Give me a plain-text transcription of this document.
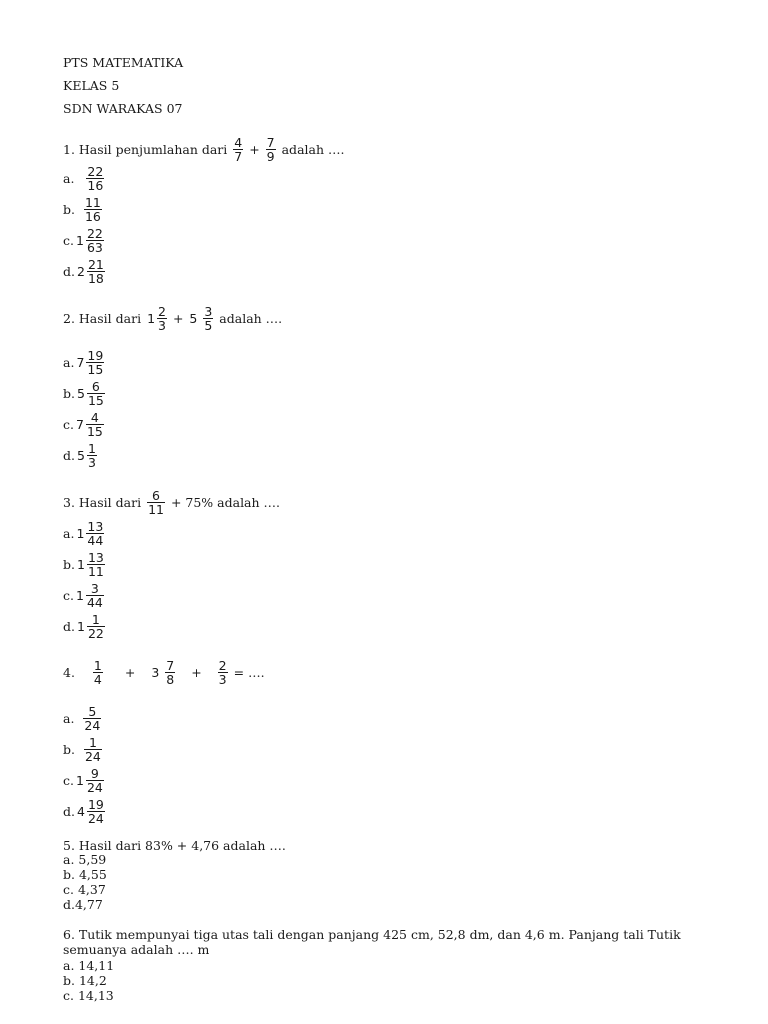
PTS MATEMATIKA
KELAS 5
SDN WARAKAS 07
1. Hasil penjumlahan dari $\frac{4}{7} + \frac{7}{9}$ adalah ….
a. $\frac{22}{16}$
b. $\frac{11}{16}$
c. $1 \frac{22}{63}$
d. $2 \frac{21}{18}$
2. Hasil dari $1 \frac{2}{3} + 5 \frac{3}{5}$ adalah ….
a. $7 \frac{19}{15}$
b. $5 \frac{6}{15}$
c. $7 \frac{4}{15}$
d. $5 \frac{1}{3}$
3. Hasil dari $\frac{6}{11} + 75\%$ adalah ….
a. $1 \frac{13}{44}$
b. $1 \frac{13}{11}$
c. $1 \frac{3}{44}$
d. $1 \frac{1}{22}$
4. $\frac{1}{4} + 3 \frac{7}{8} + \frac{2}{3}$ = ….
a. $\frac{5}{24}$
b. $\frac{1}{24}$
c. $1 \frac{9}{24}$
d. $4 \frac{19}{24}$
5. Hasil dari 83% + 4,76 adalah ….
a. 5,59
b. 4,55
c. 4,37
d.4,77
6. Tutik mempunyai tiga utas tali dengan panjang 425 cm, 52,8 dm, dan 4,6 m. Panjang tali Tutik
semuanya adalah …. m
a. 14,11
b. 14,2
c. 14,13
